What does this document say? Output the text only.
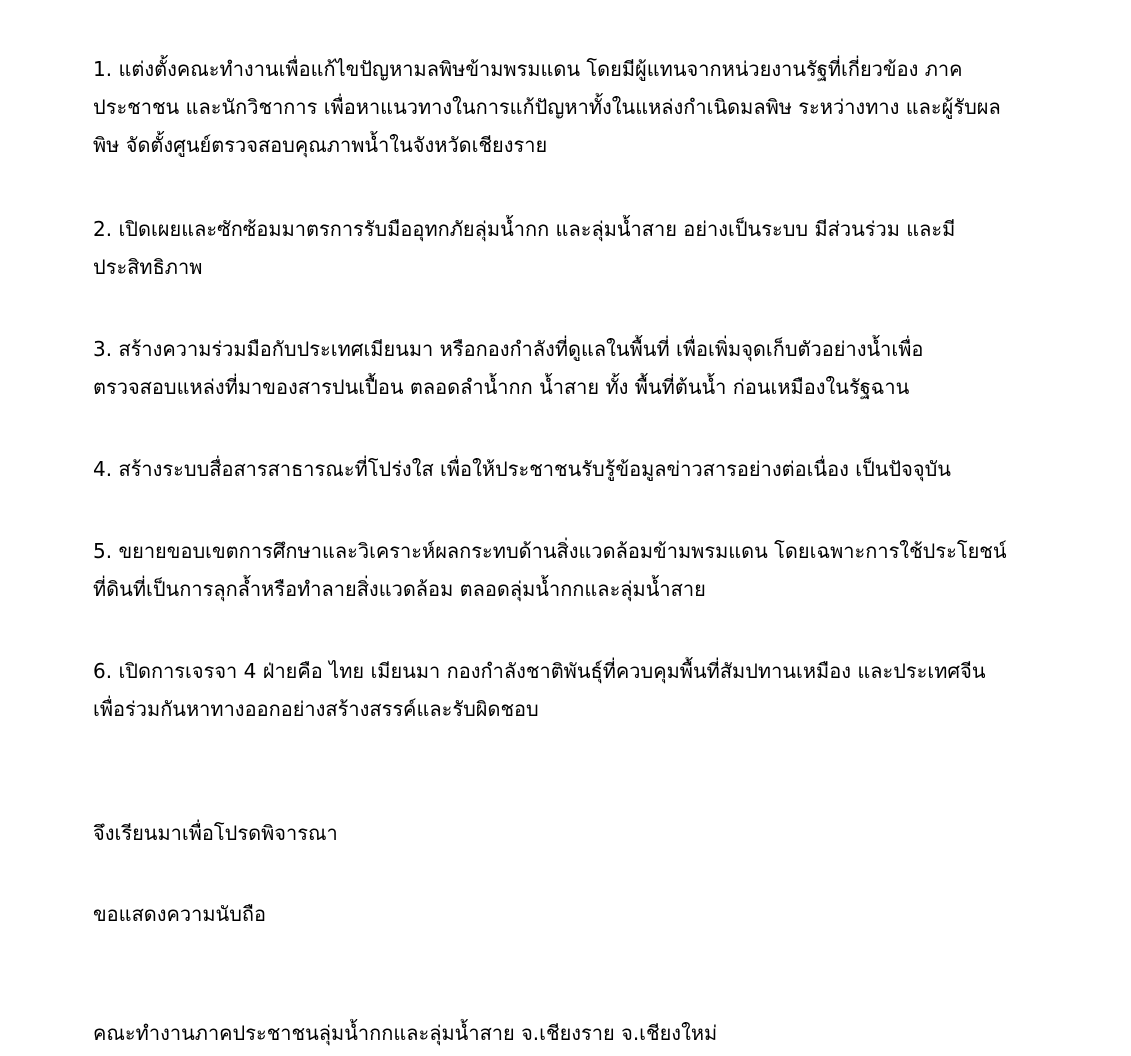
1. แต่งตั้งคณะทำงานเพื่อแก้ไขปัญหามลพิษข้ามพรมแดน โดยมีผู้แทนจากหน่วยงานรัฐที่เกี่ยวข้อง ภาค
ประชาชน และนักวิชาการ เพื่อหาแนวทางในการแก้ปัญหาทั้งในแหล่งกำเนิดมลพิษ ระหว่างทาง และผู้รับผล
พิษ จัดตั้งศูนย์ตรวจสอบคุณภาพน้ำในจังหวัดเชียงราย
2. เปิดเผยและซักซ้อมมาตรการรับมืออุทกภัยลุ่มน้ำกก และลุ่มน้ำสาย อย่างเป็นระบบ มีส่วนร่วม และมี
ประสิทธิภาพ
3. สร้างความร่วมมือกับประเทศเมียนมา หรือกองกำลังที่ดูแลในพื้นที่ เพื่อเพิ่มจุดเก็บตัวอย่างน้ำเพื่อ
ตรวจสอบแหล่งที่มาของสารปนเปื้อน ตลอดลำน้ำกก น้ำสาย ทั้ง พื้นที่ต้นน้ำ ก่อนเหมืองในรัฐฉาน
4. สร้างระบบสื่อสารสาธารณะที่โปร่งใส เพื่อให้ประชาชนรับรู้ข้อมูลข่าวสารอย่างต่อเนื่อง เป็นปัจจุบัน
5. ขยายขอบเขตการศึกษาและวิเคราะห์ผลกระทบด้านสิ่งแวดล้อมข้ามพรมแดน โดยเฉพาะการใช้ประโยชน์
ที่ดินที่เป็นการลุกล้ำหรือทำลายสิ่งแวดล้อม ตลอดลุ่มน้ำกกและลุ่มน้ำสาย
6. เปิดการเจรจา 4 ฝ่ายคือ ไทย เมียนมา กองกำลังชาติพันธุ์ที่ควบคุมพื้นที่สัมปทานเหมือง และประเทศจีน
เพื่อร่วมกันหาทางออกอย่างสร้างสรรค์และรับผิดชอบ
จึงเรียนมาเพื่อโปรดพิจารณา
ขอแสดงความนับถือ
คณะทำงานภาคประชาชนลุ่มน้ำกกและลุ่มน้ำสาย จ.เชียงราย จ.เชียงใหม่
